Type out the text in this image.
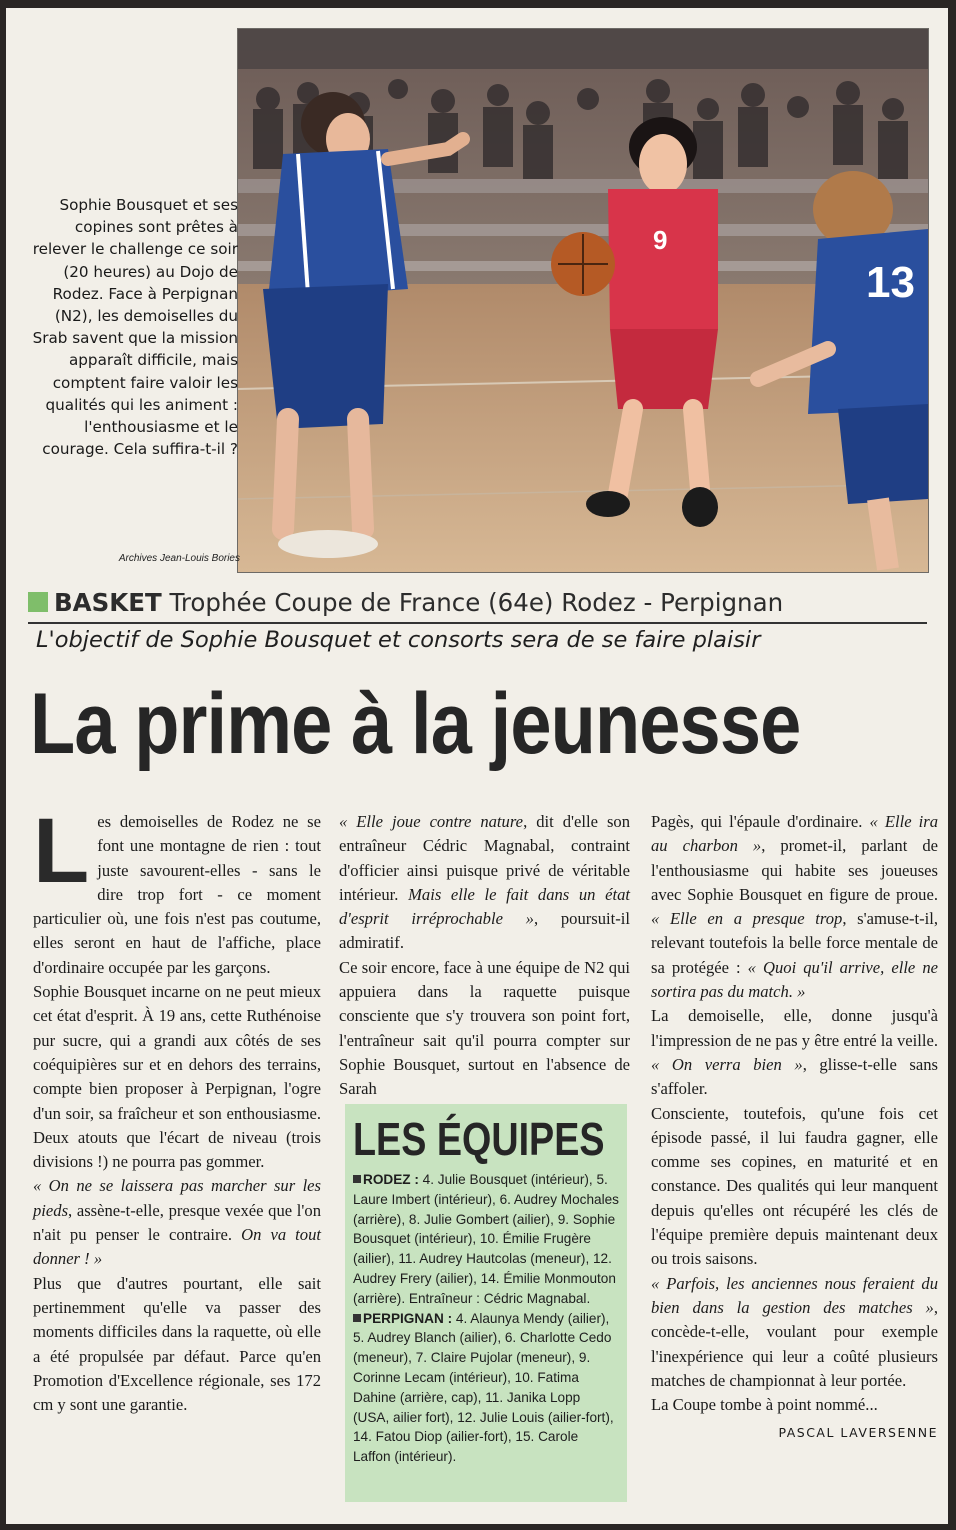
9
13
Sophie Bousquet et ses copines sont prêtes à relever le challenge ce soir (20 heures) au Dojo de Rodez. Face à Perpignan (N2), les demoiselles du Srab savent que la mission apparaît difficile, mais comptent faire valoir les qualités qui les animent : l'enthousiasme et le courage. Cela suffira-t-il ?
Archives Jean-Louis Bories
BASKET Trophée Coupe de France (64e) Rodez - Perpignan
L'objectif de Sophie Bousquet et consorts sera de se faire plaisir
La prime à la jeunesse

Les demoiselles de Rodez ne se font une montagne de rien : tout juste savourent-elles - sans le dire trop fort - ce moment particulier où, une fois n'est pas coutume, elles seront en haut de l'affiche, place d'ordinaire occupée par les garçons.

Sophie Bousquet incarne on ne peut mieux cet état d'esprit. À 19 ans, cette Ruthénoise pur sucre, qui a grandi aux côtés de ses coéquipières sur et en dehors des terrains, compte bien proposer à Perpignan, l'ogre d'un soir, sa fraîcheur et son enthousiasme. Deux atouts que l'écart de niveau (trois divisions !) ne pourra pas gommer.

« On ne se laissera pas marcher sur les pieds, assène-t-elle, presque vexée que l'on n'ait pu penser le contraire. On va tout donner ! »

Plus que d'autres pourtant, elle sait pertinemment qu'elle va passer des moments difficiles dans la raquette, où elle a été propulsée par défaut. Parce qu'en Promotion d'Excellence régionale, ses 172 cm y sont une garantie.

« Elle joue contre nature, dit d'elle son entraîneur Cédric Magnabal, contraint d'officier ainsi puisque privé de véritable intérieur. Mais elle le fait dans un état d'esprit irréprochable », poursuit-il admiratif.

Ce soir encore, face à une équipe de N2 qui appuiera dans la raquette puisque consciente que s'y trouvera son point fort, l'entraîneur sait qu'il pourra compter sur Sophie Bousquet, surtout en l'absence de Sarah

LES ÉQUIPES

RODEZ : 4. Julie Bousquet (intérieur), 5. Laure Imbert (intérieur), 6. Audrey Mochales (arrière), 8. Julie Gombert (ailier), 9. Sophie Bousquet (intérieur), 10. Émilie Frugère (ailier), 11. Audrey Hautcolas (meneur), 12. Audrey Frery (ailier), 14. Émilie Monmouton (arrière). Entraîneur : Cédric Magnabal.

PERPIGNAN : 4. Alaunya Mendy (ailier), 5. Audrey Blanch (ailier), 6. Charlotte Cedo (meneur), 7. Claire Pujolar (meneur), 9. Corinne Lecam (intérieur), 10. Fatima Dahine (arrière, cap), 11. Janika Lopp (USA, ailier fort), 12. Julie Louis (ailier-fort), 14. Fatou Diop (ailier-fort), 15. Carole Laffon (intérieur).

Pagès, qui l'épaule d'ordinaire. « Elle ira au charbon », promet-il, parlant de l'enthousiasme qui habite ses joueuses avec Sophie Bousquet en figure de proue. « Elle en a presque trop, s'amuse-t-il, relevant toutefois la belle force mentale de sa protégée : « Quoi qu'il arrive, elle ne sortira pas du match. »

La demoiselle, elle, donne jusqu'à l'impression de ne pas y être entré la veille. « On verra bien », glisse-t-elle sans s'affoler.

Consciente, toutefois, qu'une fois cet épisode passé, il lui faudra gagner, elle comme ses copines, en maturité et en constance. Des qualités qui leur manquent depuis qu'elles ont récupéré les clés de l'équipe première depuis maintenant deux ou trois saisons.

« Parfois, les anciennes nous feraient du bien dans la gestion des matches », concède-t-elle, voulant pour exemple l'inexpérience qui leur a coûté plusieurs matches de championnat à leur portée.

La Coupe tombe à point nommé...

PASCAL LAVERSENNE
